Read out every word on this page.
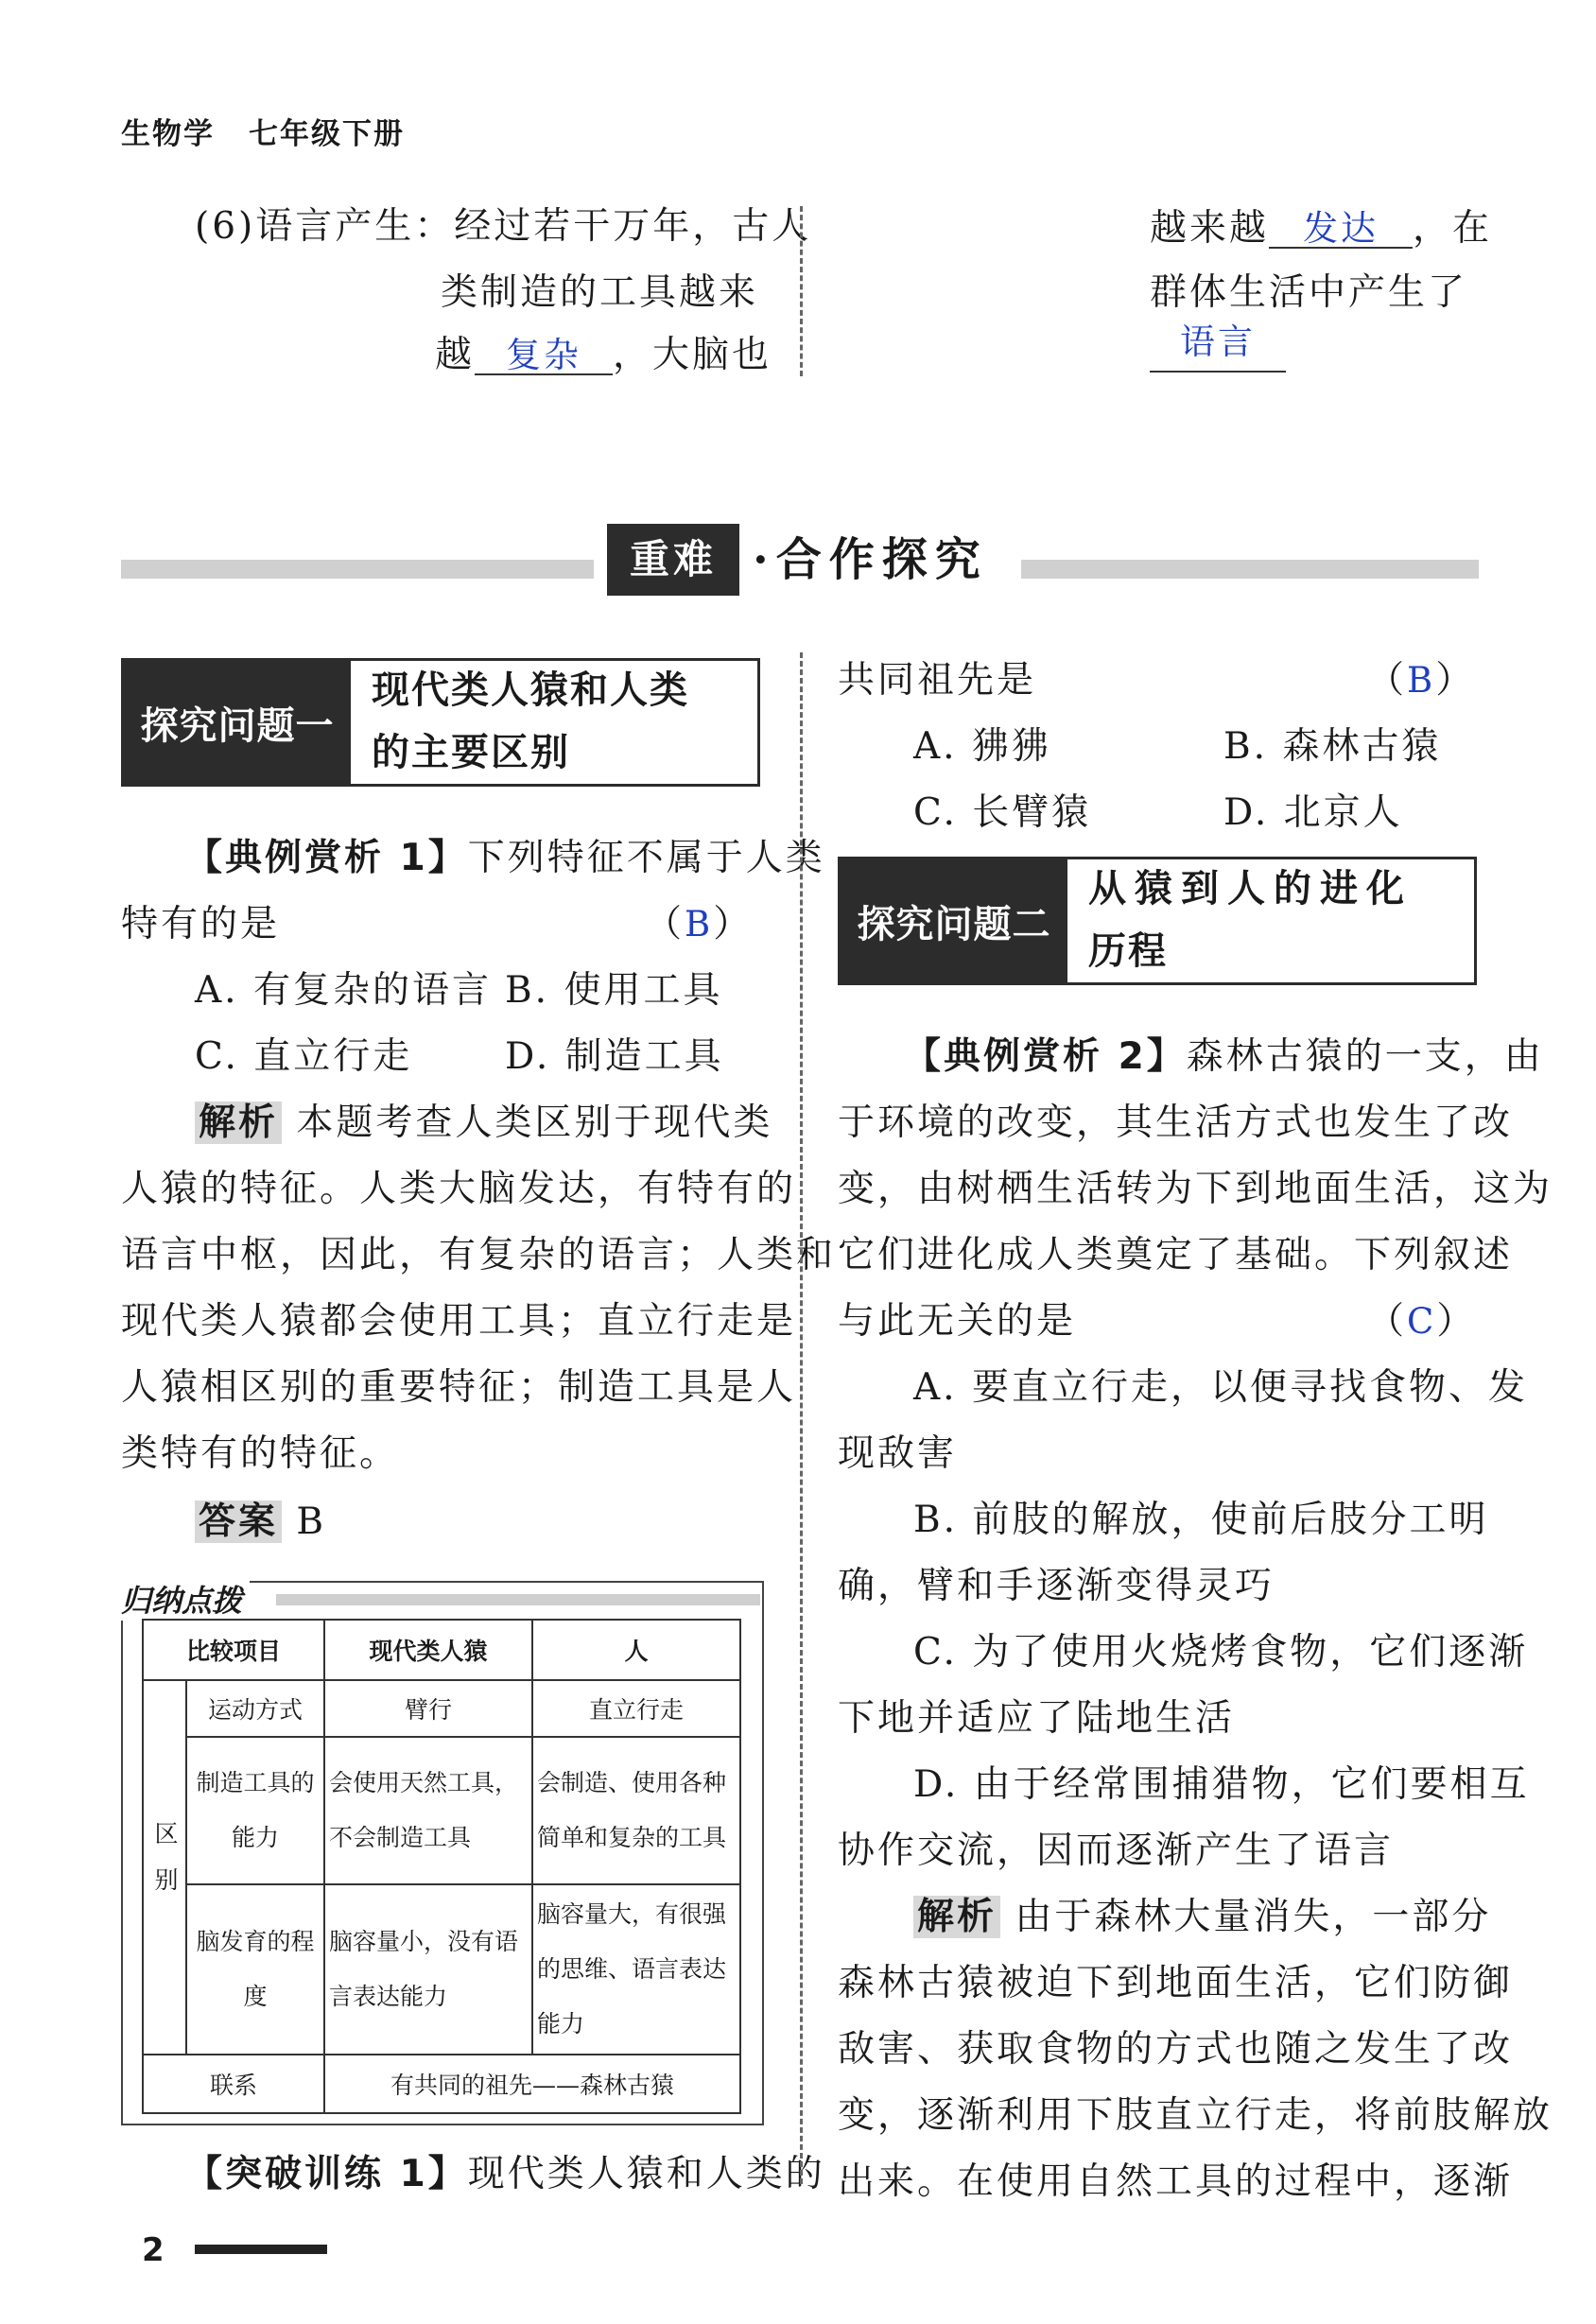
生物学 七年级下册
(6)语言产生：经过若干万年，古人
类制造的工具越来
越 复杂 ，大脑也
越来越 发达 ，在
群体生活中产生了
语言
重难 ·合作探究
探究问题一
现代类人猿和人类
的主要区别
【典例赏析 1】下列特征不属于人类
特有的是	（B）
A. 有复杂的语言 B. 使用工具
C. 直立行走	D. 制造工具
解析 本题考查人类区别于现代类
人猿的特征。人类大脑发达，有特有的
语言中枢，因此，有复杂的语言；人类和
现代类人猿都会使用工具；直立行走是
人猿相区别的重要特征；制造工具是人
类特有的特征。
答案 B
归纳点拨
比较项目		现代类人猿	人
区别	运动方式	臂行	直立行走
	制造工具的能力	会使用天然工具，不会制造工具	会制造、使用各种简单和复杂的工具
	脑发育的程度	脑容量小，没有语言表达能力	脑容量大，有很强的思维、语言表达能力
联系		有共同的祖先——森林古猿	
【突破训练 1】现代类人猿和人类的
共同祖先是	（B）
A. 狒狒	B. 森林古猿
C. 长臂猿	D. 北京人
探究问题二
从猿到人的进化
历程
【典例赏析 2】森林古猿的一支，由
于环境的改变，其生活方式也发生了改
变，由树栖生活转为下到地面生活，这为
它们进化成人类奠定了基础。下列叙述
与此无关的是	（C）
A. 要直立行走，以便寻找食物、发
现敌害
B. 前肢的解放，使前后肢分工明
确，臂和手逐渐变得灵巧
C. 为了使用火烧烤食物，它们逐渐
下地并适应了陆地生活
D. 由于经常围捕猎物，它们要相互
协作交流，因而逐渐产生了语言
解析 由于森林大量消失，一部分
森林古猿被迫下到地面生活，它们防御
敌害、获取食物的方式也随之发生了改
变，逐渐利用下肢直立行走，将前肢解放
出来。在使用自然工具的过程中，逐渐
2
